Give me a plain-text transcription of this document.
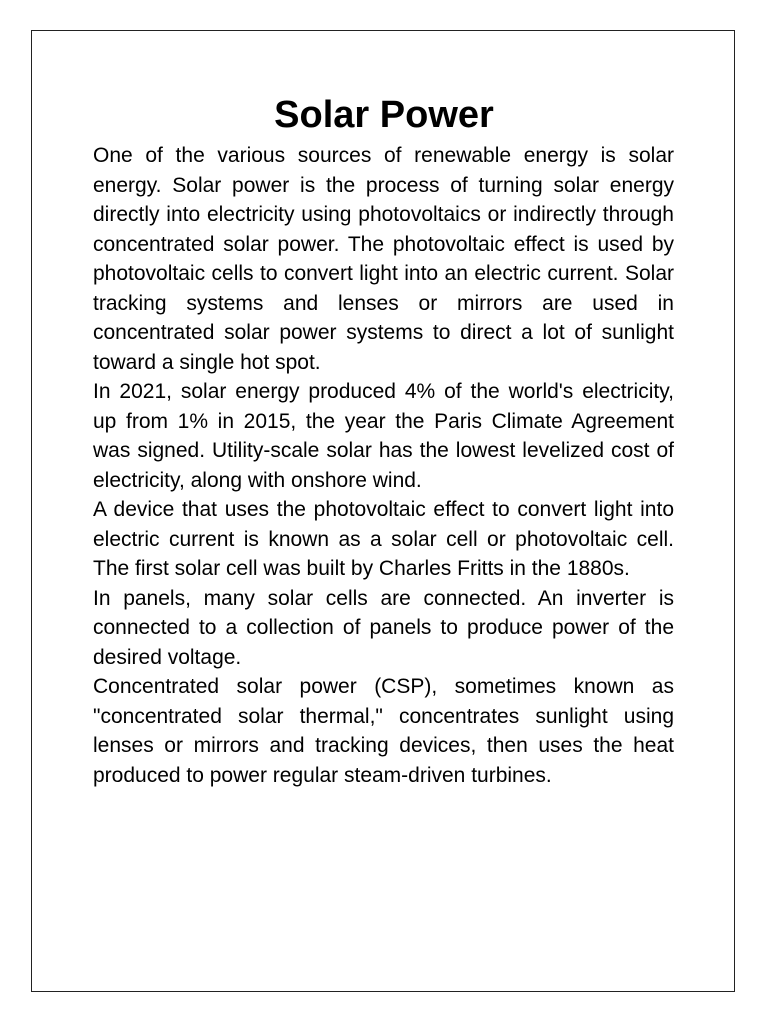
Solar Power

One of the various sources of renewable energy is solar energy. Solar power is the process of turning solar energy directly into electricity using photovoltaics or indirectly through concentrated solar power. The photovoltaic effect is used by photovoltaic cells to convert light into an electric current. Solar tracking systems and lenses or mirrors are used in concentrated solar power systems to direct a lot of sunlight toward a single hot spot.

In 2021, solar energy produced 4% of the world's electricity, up from 1% in 2015, the year the Paris Climate Agreement was signed. Utility-scale solar has the lowest levelized cost of electricity, along with onshore wind.

A device that uses the photovoltaic effect to convert light into electric current is known as a solar cell or photovoltaic cell. The first solar cell was built by Charles Fritts in the 1880s.

In panels, many solar cells are connected. An inverter is connected to a collection of panels to produce power of the desired voltage.

Concentrated solar power (CSP), sometimes known as "concentrated solar thermal," concentrates sunlight using lenses or mirrors and tracking devices, then uses the heat produced to power regular steam-driven turbines.
